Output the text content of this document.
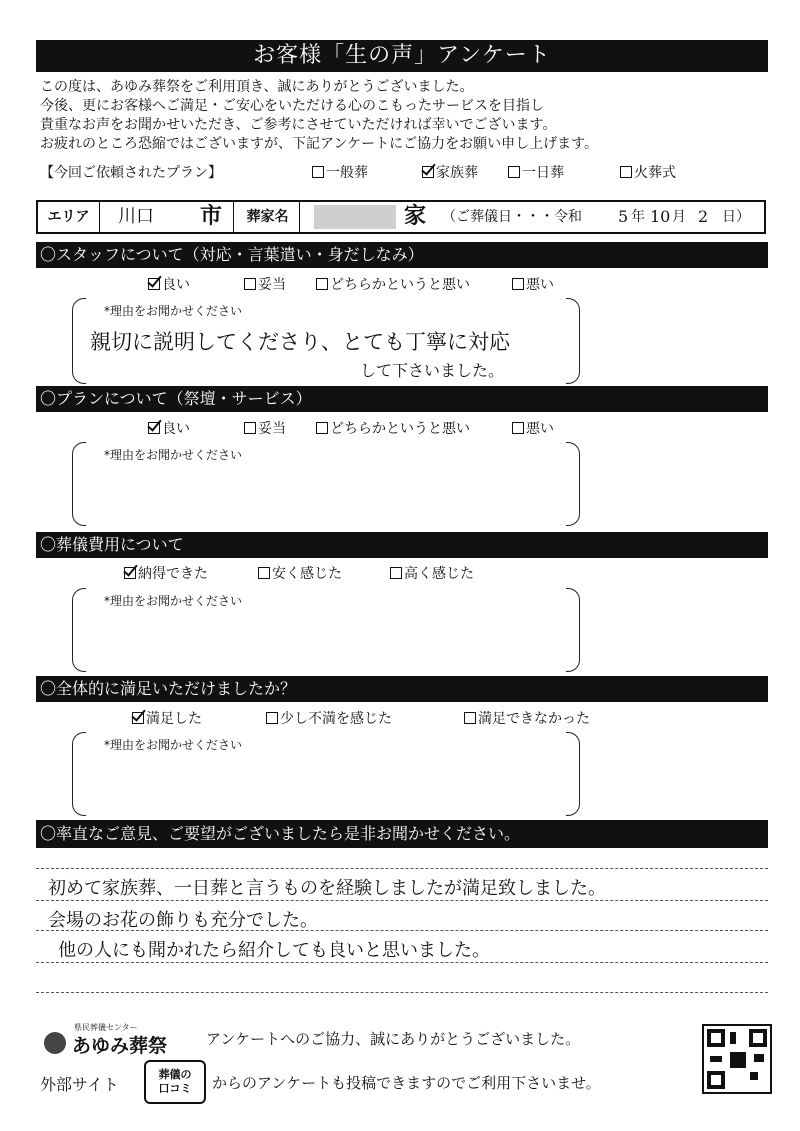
お客様「生の声」アンケート
この度は、あゆみ葬祭をご利用頂き、誠にありがとうございました。
今後、更にお客様へご満足・ご安心をいただける心のこもったサービスを目指し
貴重なお声をお聞かせいただき、ご参考にさせていただければ幸いでございます。
お疲れのところ恐縮ではございますが、下記アンケートにご協力をお願い申し上げます。
【今回ご依頼されたプラン】	一般葬	家族葬	一日葬	火葬式
エリア	川口 市	葬家名	家	（ご葬儀日・・・令和 5 年 10 月 2 日）
〇スタッフについて（対応・言葉遣い・身だしなみ）
良い	妥当	どちらかというと悪い	悪い
*理由をお聞かせください
親切に説明してくださり、とても丁寧に対応
して下さいました。
〇プランについて（祭壇・サービス）
良い	妥当	どちらかというと悪い	悪い
*理由をお聞かせください
〇葬儀費用について
納得できた	安く感じた	高く感じた
*理由をお聞かせください
〇全体的に満足いただけましたか？
満足した	少し不満を感じた	満足できなかった
*理由をお聞かせください
〇率直なご意見、ご要望がございましたら是非お聞かせください。
初めて家族葬、一日葬と言うものを経験しましたが満足致しました。
会場のお花の飾りも充分でした。
他の人にも聞かれたら紹介しても良いと思いました。
県民葬儀センター
あゆみ葬祭	アンケートへのご協力、誠にありがとうございました。
外部サイト
葬儀の
口コミ	からのアンケートも投稿できますのでご利用下さいませ。
